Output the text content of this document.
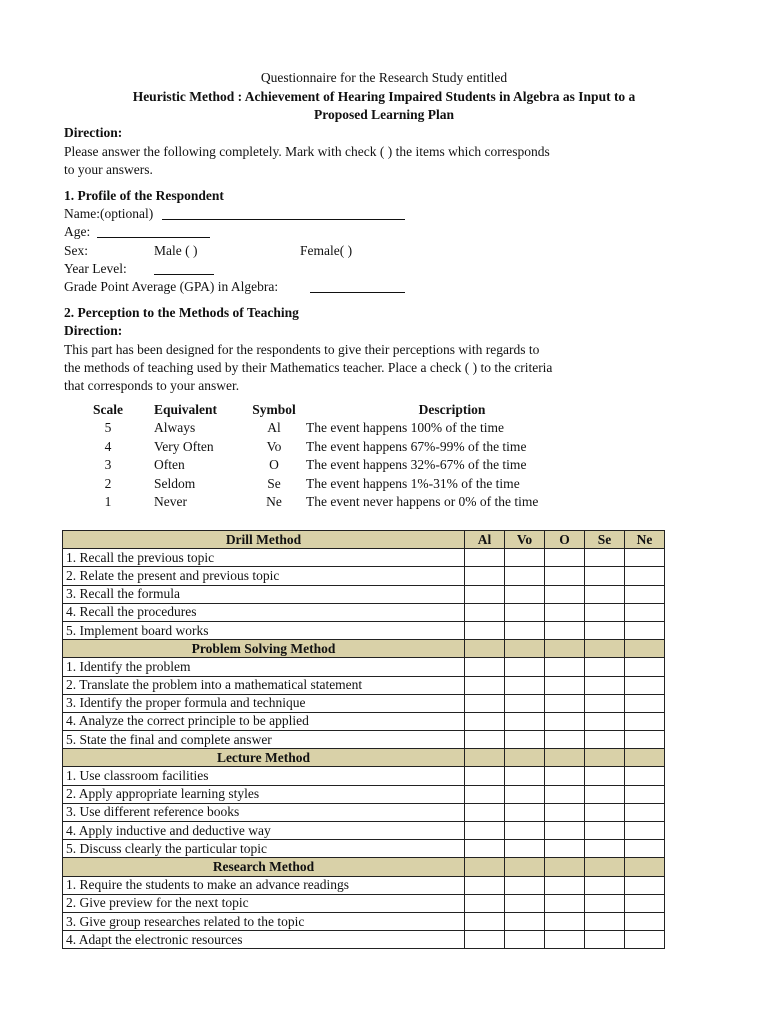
Questionnaire for the Research Study entitled
Heuristic Method : Achievement of Hearing Impaired Students in Algebra as Input to a
Proposed Learning Plan
Direction:
Please answer the following completely. Mark with check ( ) the items which corresponds
to your answers.
1. Profile of the Respondent
Name:(optional)
Age:
Sex:	Male ( )	Female( )
Year Level:
Grade Point Average (GPA) in Algebra:
2. Perception to the Methods of Teaching
Direction:
This part has been designed for the respondents to give their perceptions with regards to
the methods of teaching used by their Mathematics teacher. Place a check ( ) to the criteria
that corresponds to your answer.
Scale	Equivalent	Symbol	Description
5	Always	Al	The event happens 100% of the time
4	Very Often	Vo	The event happens 67%-99% of the time
3	Often	O	The event happens 32%-67% of the time
2	Seldom	Se	The event happens 1%-31% of the time
1	Never	Ne	The event never happens or 0% of the time
Drill Method	Al	Vo	O	Se	Ne
1. Recall the previous topic					
2. Relate the present and previous topic					
3. Recall the formula					
4. Recall the procedures					
5. Implement board works					
Problem Solving Method					
1. Identify the problem					
2. Translate the problem into a mathematical statement					
3. Identify the proper formula and technique					
4. Analyze the correct principle to be applied					
5. State the final and complete answer					
Lecture Method					
1. Use classroom facilities					
2. Apply appropriate learning styles					
3. Use different reference books					
4. Apply inductive and deductive way					
5. Discuss clearly the particular topic					
Research Method					
1. Require the students to make an advance readings					
2. Give preview for the next topic					
3. Give group researches related to the topic					
4. Adapt the electronic resources					
